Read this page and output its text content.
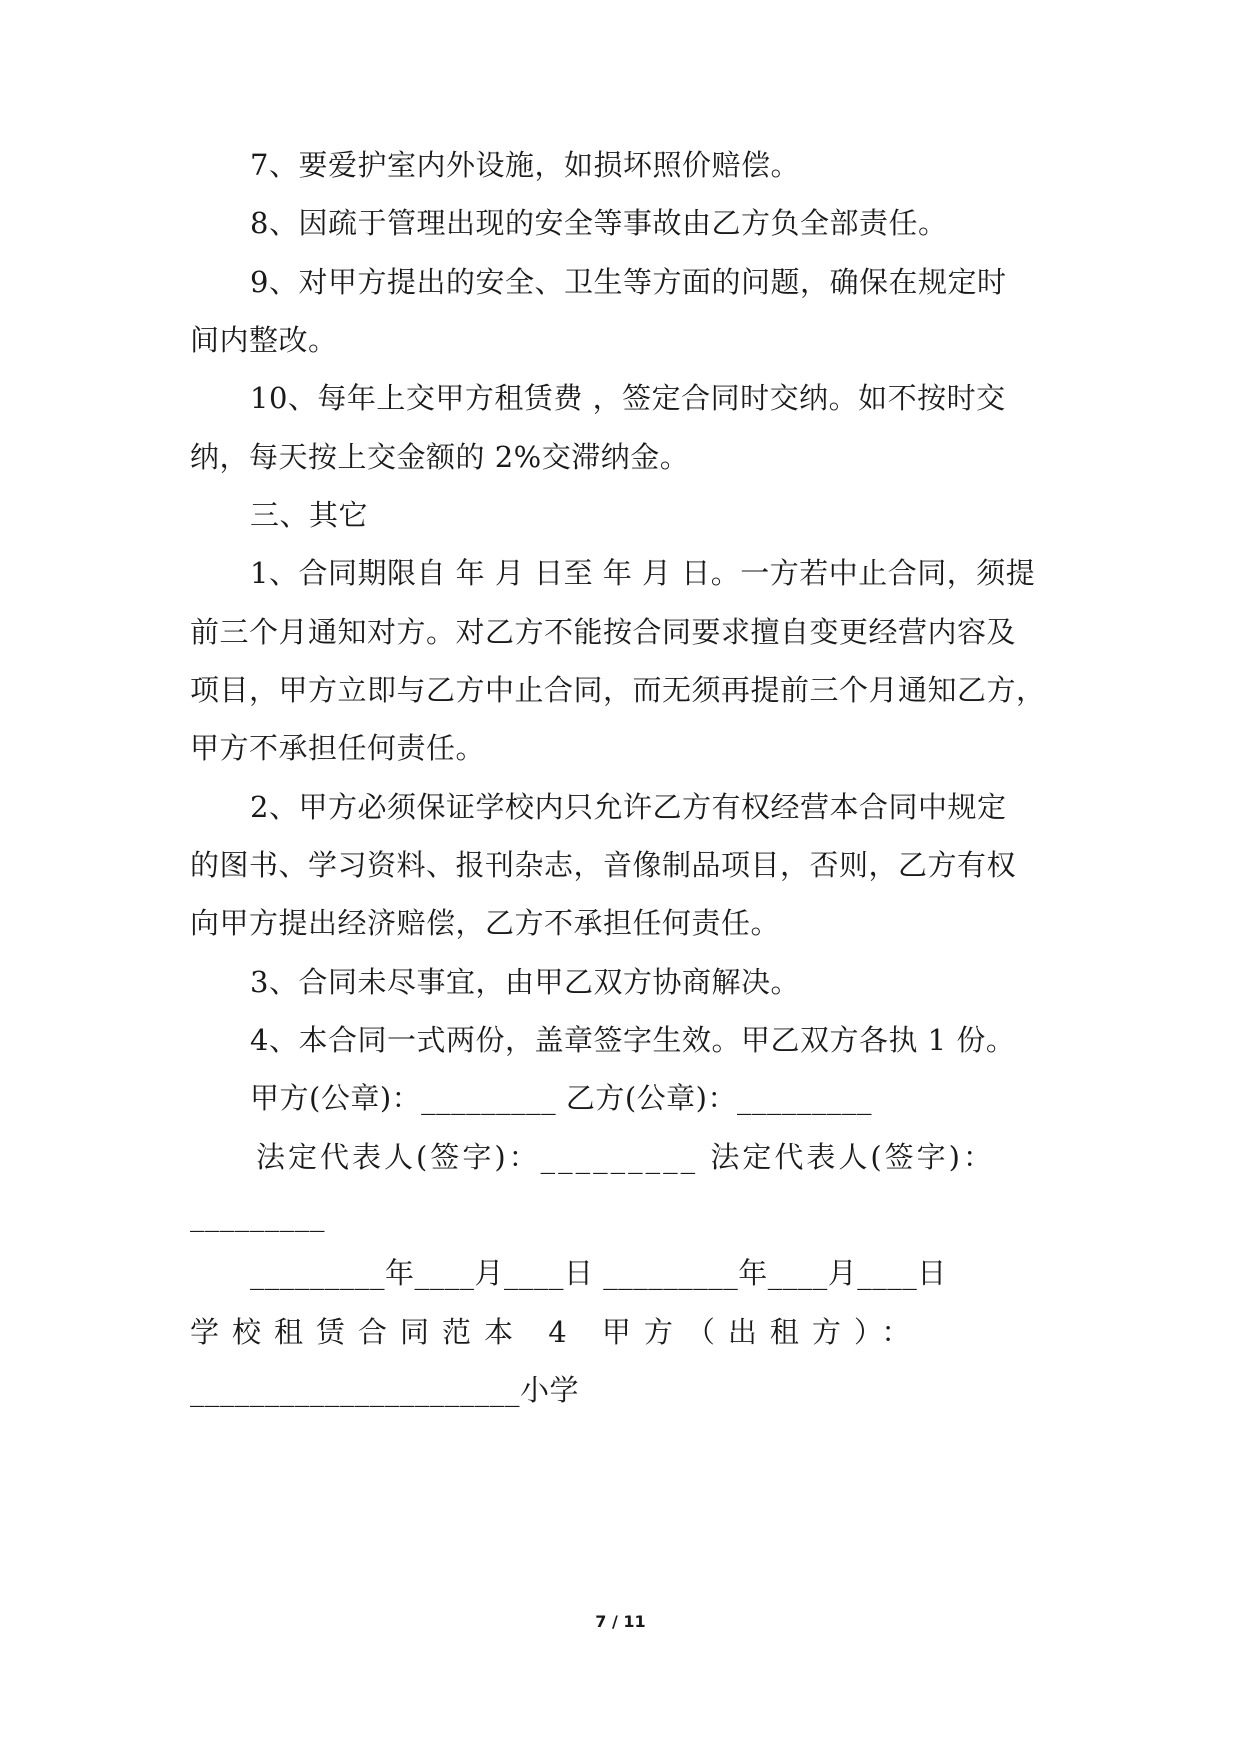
7、要爱护室内外设施，如损坏照价赔偿。
8、因疏于管理出现的安全等事故由乙方负全部责任。
9、对甲方提出的安全、卫生等方面的问题，确保在规定时
间内整改。
10、每年上交甲方租赁费 ，签定合同时交纳。如不按时交
纳，每天按上交金额的 2%交滞纳金。
三、其它
1、合同期限自 年 月 日至 年 月 日。一方若中止合同，须提
前三个月通知对方。对乙方不能按合同要求擅自变更经营内容及
项目，甲方立即与乙方中止合同，而无须再提前三个月通知乙方，
甲方不承担任何责任。
2、甲方必须保证学校内只允许乙方有权经营本合同中规定
的图书、学习资料、报刊杂志，音像制品项目，否则，乙方有权
向甲方提出经济赔偿，乙方不承担任何责任。
3、合同未尽事宜，由甲乙双方协商解决。
4、本合同一式两份，盖章签字生效。甲乙双方各执 1 份。
甲方(公章)：_________ 乙方(公章)：_________
法定代表人(签字)：_________ 法定代表人(签字)：
_________
_________年____月____日 _________年____月____日
学校租赁合同范本 4 甲方（出租方）：
______________________小学
7 / 11
